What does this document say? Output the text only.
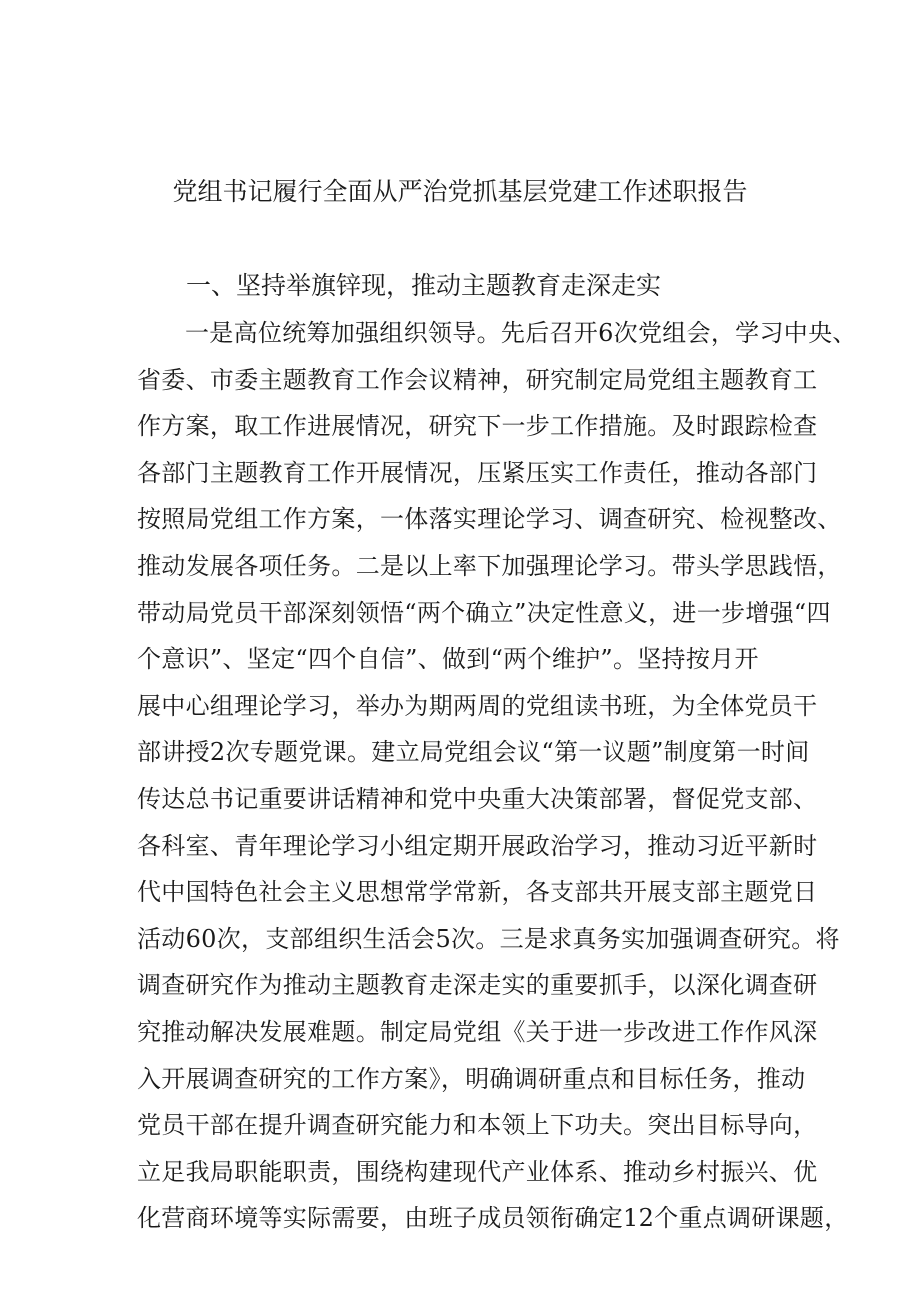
党组书记履行全面从严治党抓基层党建工作述职报告
一、坚持举旗锌现，推动主题教育走深走实
一是高位统筹加强组织领导。先后召开6次党组会，学习中央、
省委、市委主题教育工作会议精神，研究制定局党组主题教育工
作方案，取工作进展情况，研究下一步工作措施。及时跟踪检查
各部门主题教育工作开展情况，压紧压实工作责任，推动各部门
按照局党组工作方案，一体落实理论学习、调查研究、检视整改、
推动发展各项任务。二是以上率下加强理论学习。带头学思践悟，
带动局党员干部深刻领悟“两个确立”决定性意义，进一步增强“四
个意识”、坚定“四个自信”、做到“两个维护”。坚持按月开
展中心组理论学习，举办为期两周的党组读书班，为全体党员干
部讲授2次专题党课。建立局党组会议“第一议题”制度第一时间
传达总书记重要讲话精神和党中央重大决策部署，督促党支部、
各科室、青年理论学习小组定期开展政治学习，推动习近平新时
代中国特色社会主义思想常学常新，各支部共开展支部主题党日
活动60次，支部组织生活会5次。三是求真务实加强调查研究。将
调查研究作为推动主题教育走深走实的重要抓手，以深化调查研
究推动解决发展难题。制定局党组《关于进一步改进工作作风深
入开展调查研究的工作方案》，明确调研重点和目标任务，推动
党员干部在提升调查研究能力和本领上下功夫。突出目标导向，
立足我局职能职责，围绕构建现代产业体系、推动乡村振兴、优
化营商环境等实际需要，由班子成员领衔确定12个重点调研课题，
